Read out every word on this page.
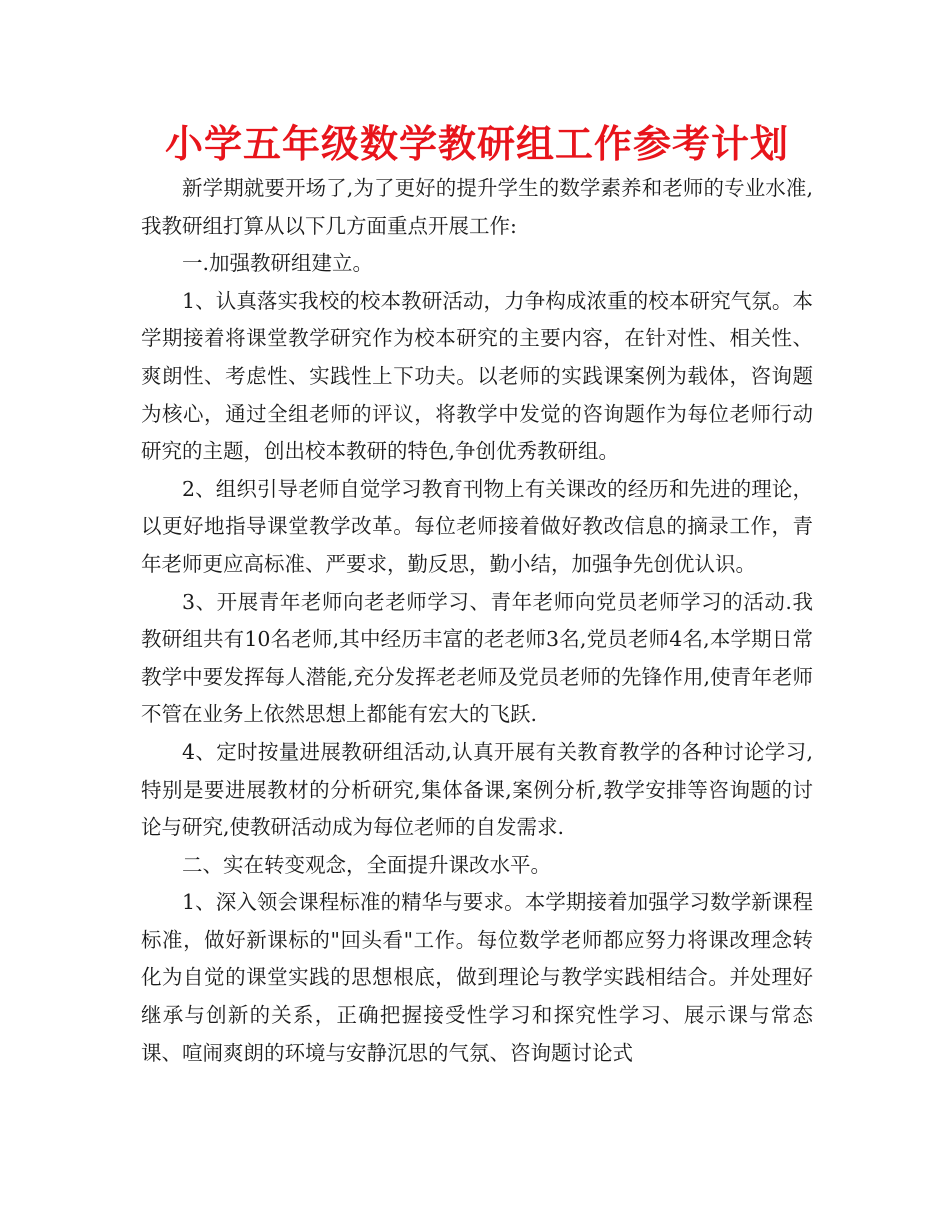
小学五年级数学教研组工作参考计划

新学期就要开场了,为了更好的提升学生的数学素养和老师的专业水准,我教研组打算从以下几方面重点开展工作:

一.加强教研组建立。

1、认真落实我校的校本教研活动，力争构成浓重的校本研究气氛。本学期接着将课堂教学研究作为校本研究的主要内容，在针对性、相关性、爽朗性、考虑性、实践性上下功夫。以老师的实践课案例为载体，咨询题为核心，通过全组老师的评议，将教学中发觉的咨询题作为每位老师行动研究的主题，创出校本教研的特色,争创优秀教研组。

2、组织引导老师自觉学习教育刊物上有关课改的经历和先进的理论，以更好地指导课堂教学改革。每位老师接着做好教改信息的摘录工作，青年老师更应高标准、严要求，勤反思，勤小结，加强争先创优认识。

3、开展青年老师向老老师学习、青年老师向党员老师学习的活动.我教研组共有10名老师,其中经历丰富的老老师3名,党员老师4名,本学期日常教学中要发挥每人潜能,充分发挥老老师及党员老师的先锋作用,使青年老师不管在业务上依然思想上都能有宏大的飞跃.

4、定时按量进展教研组活动,认真开展有关教育教学的各种讨论学习,特别是要进展教材的分析研究,集体备课,案例分析,教学安排等咨询题的讨论与研究,使教研活动成为每位老师的自发需求.

二、实在转变观念，全面提升课改水平。

1、深入领会课程标准的精华与要求。本学期接着加强学习数学新课程标准，做好新课标的"回头看"工作。每位数学老师都应努力将课改理念转化为自觉的课堂实践的思想根底，做到理论与教学实践相结合。并处理好继承与创新的关系，正确把握接受性学习和探究性学习、展示课与常态课、喧闹爽朗的环境与安静沉思的气氛、咨询题讨论式
